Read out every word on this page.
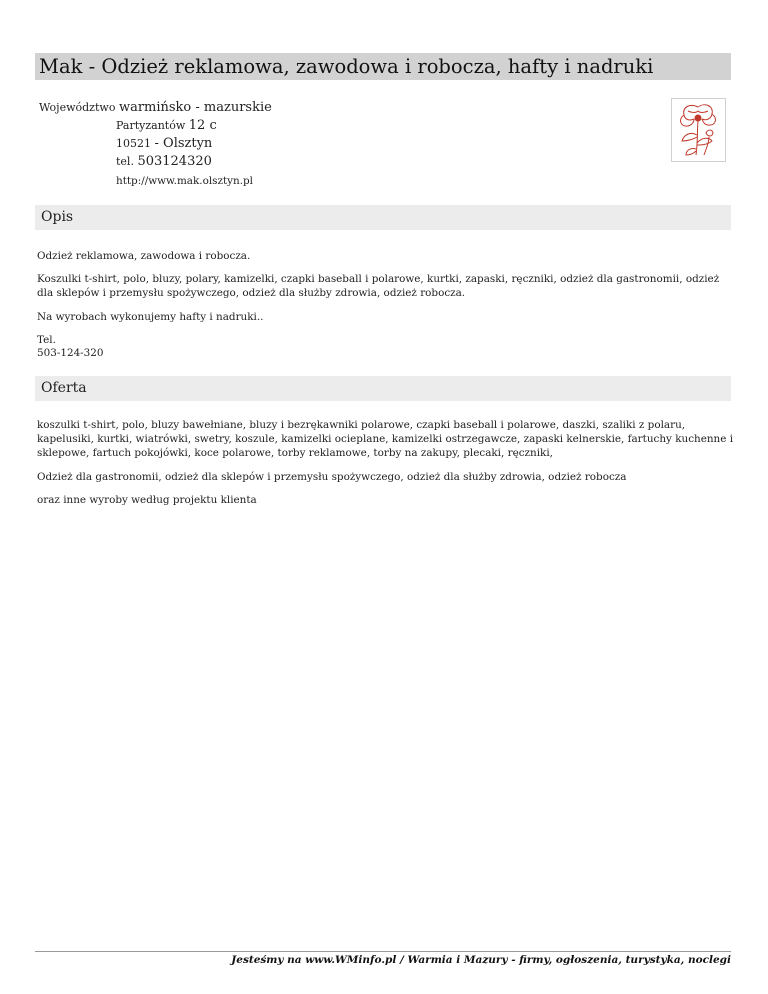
Mak - Odzież reklamowa, zawodowa i robocza, hafty i nadruki
Województwo warmińsko - mazurskie
Partyzantów 12 c
10521 - Olsztyn
tel. 503124320
http://www.mak.olsztyn.pl
Opis

Odzież reklamowa, zawodowa i robocza.

Koszulki t-shirt, polo, bluzy, polary, kamizelki, czapki baseball i polarowe, kurtki, zapaski, ręczniki, odzież dla gastronomii, odzież dla sklepów i przemysłu spożywczego, odzież dla służby zdrowia, odzież robocza.

Na wyrobach wykonujemy hafty i nadruki..

Tel.

503-124-320

Oferta

koszulki t-shirt, polo, bluzy bawełniane, bluzy i bezrękawniki polarowe, czapki baseball i polarowe, daszki, szaliki z polaru, kapelusiki, kurtki, wiatrówki, swetry, koszule, kamizelki ocieplane, kamizelki ostrzegawcze, zapaski kelnerskie, fartuchy kuchenne i sklepowe, fartuch pokojówki, koce polarowe, torby reklamowe, torby na zakupy, plecaki, ręczniki,

Odzież dla gastronomii, odzież dla sklepów i przemysłu spożywczego, odzież dla służby zdrowia, odzież robocza

oraz inne wyroby według projektu klienta

Jesteśmy na www.WMinfo.pl / Warmia i Mazury - firmy, ogłoszenia, turystyka, noclegi
